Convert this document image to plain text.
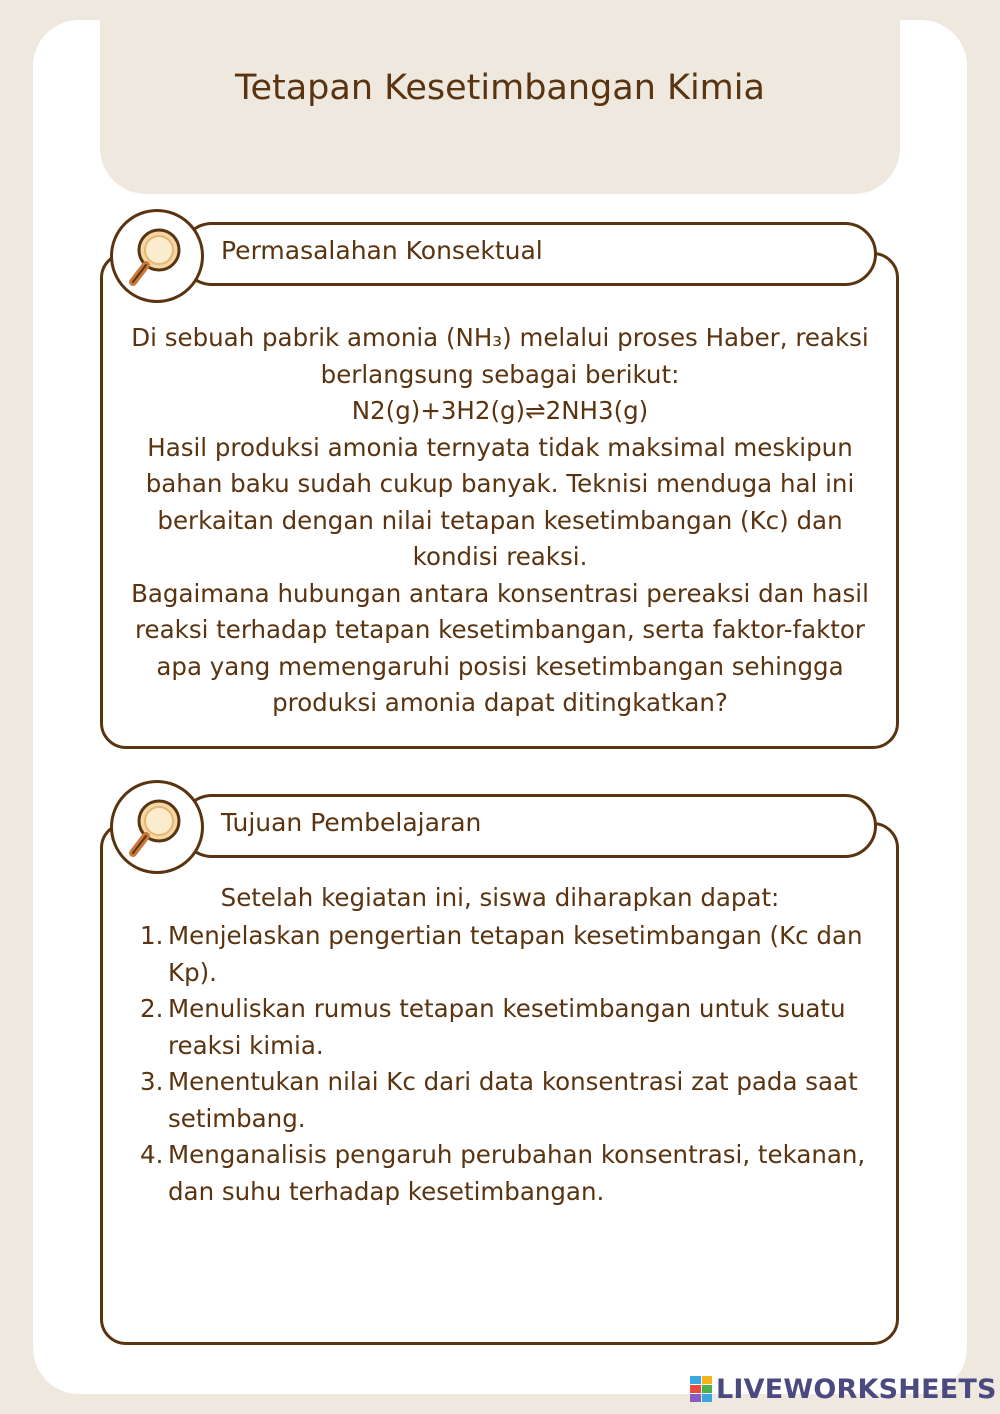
Tetapan Kesetimbangan Kimia
Permasalahan Konsektual

Di sebuah pabrik amonia (NH₃) melalui proses Haber, reaksi berlangsung sebagai berikut:

N2(g)+3H2(g)⇌2NH3(g)

Hasil produksi amonia ternyata tidak maksimal meskipun bahan baku sudah cukup banyak. Teknisi menduga hal ini berkaitan dengan nilai tetapan kesetimbangan (Kc) dan kondisi reaksi.

Bagaimana hubungan antara konsentrasi pereaksi dan hasil reaksi terhadap tetapan kesetimbangan, serta faktor-faktor apa yang memengaruhi posisi kesetimbangan sehingga produksi amonia dapat ditingkatkan?

Tujuan Pembelajaran

Setelah kegiatan ini, siswa diharapkan dapat:

1. Menjelaskan pengertian tetapan kesetimbangan (Kc dan Kp).
2. Menuliskan rumus tetapan kesetimbangan untuk suatu reaksi kimia.
3. Menentukan nilai Kc dari data konsentrasi zat pada saat setimbang.
4. Menganalisis pengaruh perubahan konsentrasi, tekanan, dan suhu terhadap kesetimbangan.
LIVEWORKSHEETS
